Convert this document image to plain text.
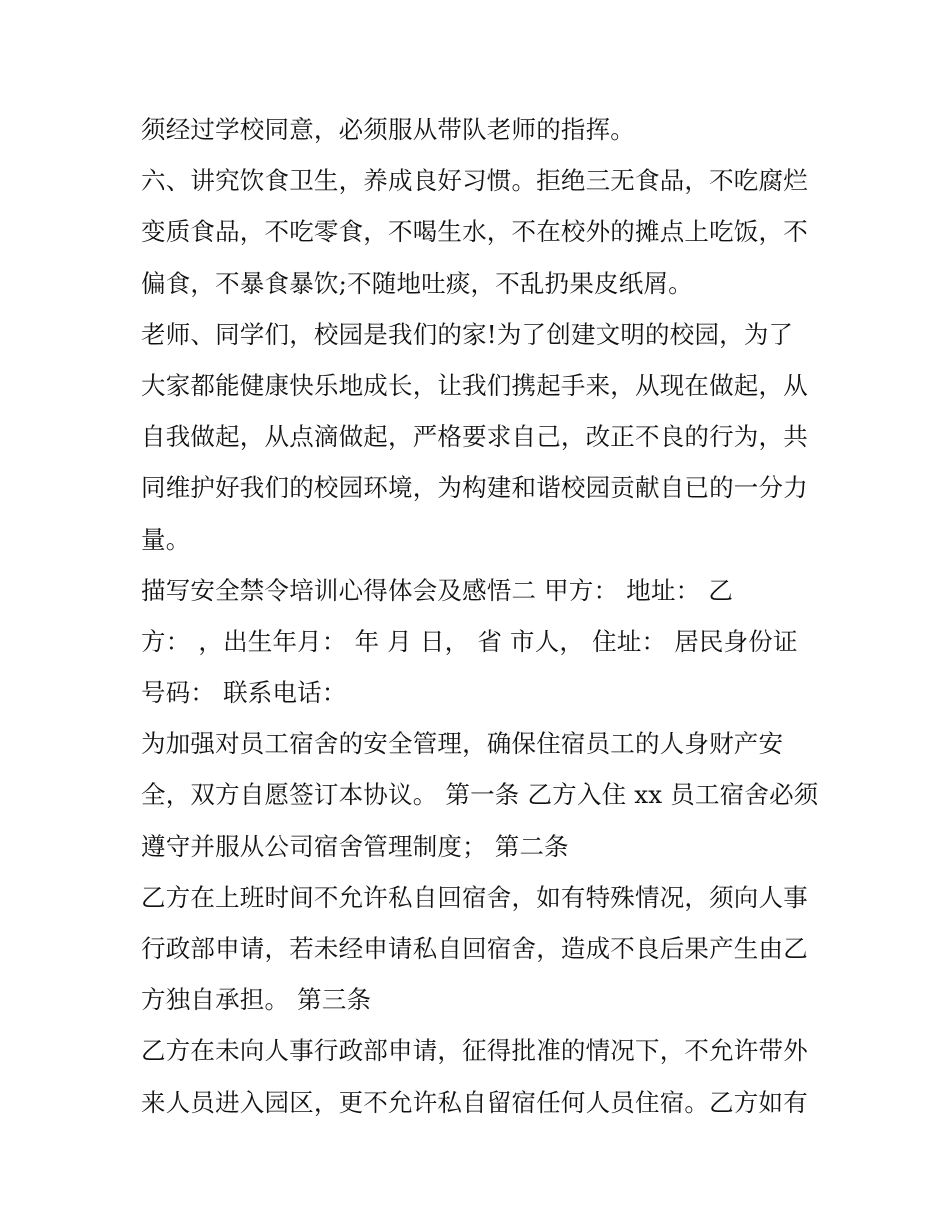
须经过学校同意，必须服从带队老师的指挥。
六、讲究饮食卫生，养成良好习惯。拒绝三无食品，不吃腐烂
变质食品，不吃零食，不喝生水，不在校外的摊点上吃饭，不
偏食，不暴食暴饮;不随地吐痰，不乱扔果皮纸屑。
老师、同学们，校园是我们的家!为了创建文明的校园，为了
大家都能健康快乐地成长，让我们携起手来，从现在做起，从
自我做起，从点滴做起，严格要求自己，改正不良的行为，共
同维护好我们的校园环境，为构建和谐校园贡献自已的一分力
量。
描写安全禁令培训心得体会及感悟二 甲方： 地址： 乙
方： ，出生年月： 年 月 日， 省 市人， 住址： 居民身份证
号码： 联系电话：
为加强对员工宿舍的安全管理，确保住宿员工的人身财产安
全，双方自愿签订本协议。 第一条 乙方入住 xx 员工宿舍必须
遵守并服从公司宿舍管理制度； 第二条
乙方在上班时间不允许私自回宿舍，如有特殊情况，须向人事
行政部申请，若未经申请私自回宿舍，造成不良后果产生由乙
方独自承担。 第三条
乙方在未向人事行政部申请，征得批准的情况下，不允许带外
来人员进入园区，更不允许私自留宿任何人员住宿。乙方如有
